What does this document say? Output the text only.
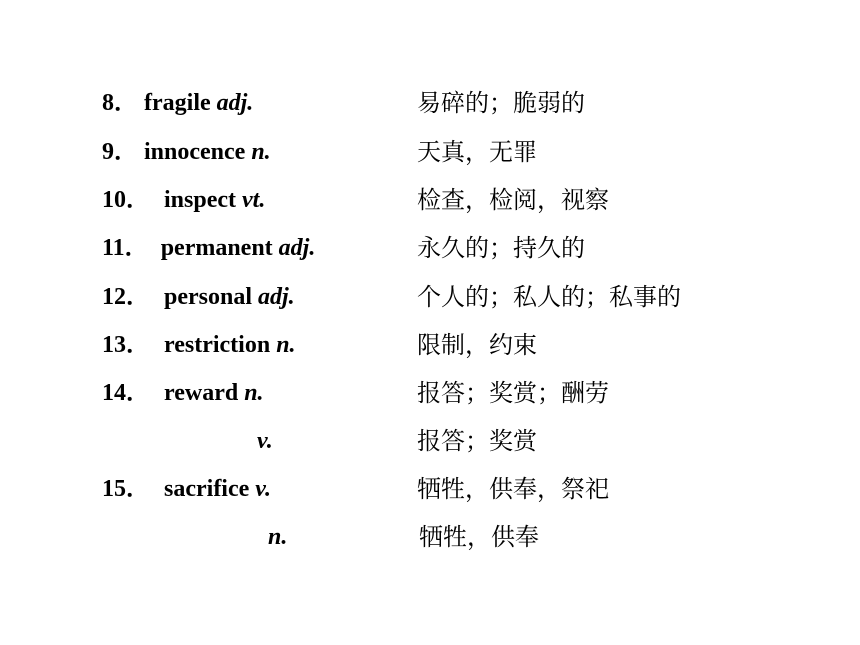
8． fragile adj.	易碎的；脆弱的
9． innocence n.	天真，无罪
10． inspect vt.	检查，检阅，视察
11． permanent adj.	永久的；持久的
12． personal adj.	个人的；私人的；私事的
13． restriction n.	限制，约束
14． reward n.	报答；奖赏；酬劳
v.	报答；奖赏
15． sacrifice v.	牺牲，供奉，祭祀
n.	牺牲，供奉
